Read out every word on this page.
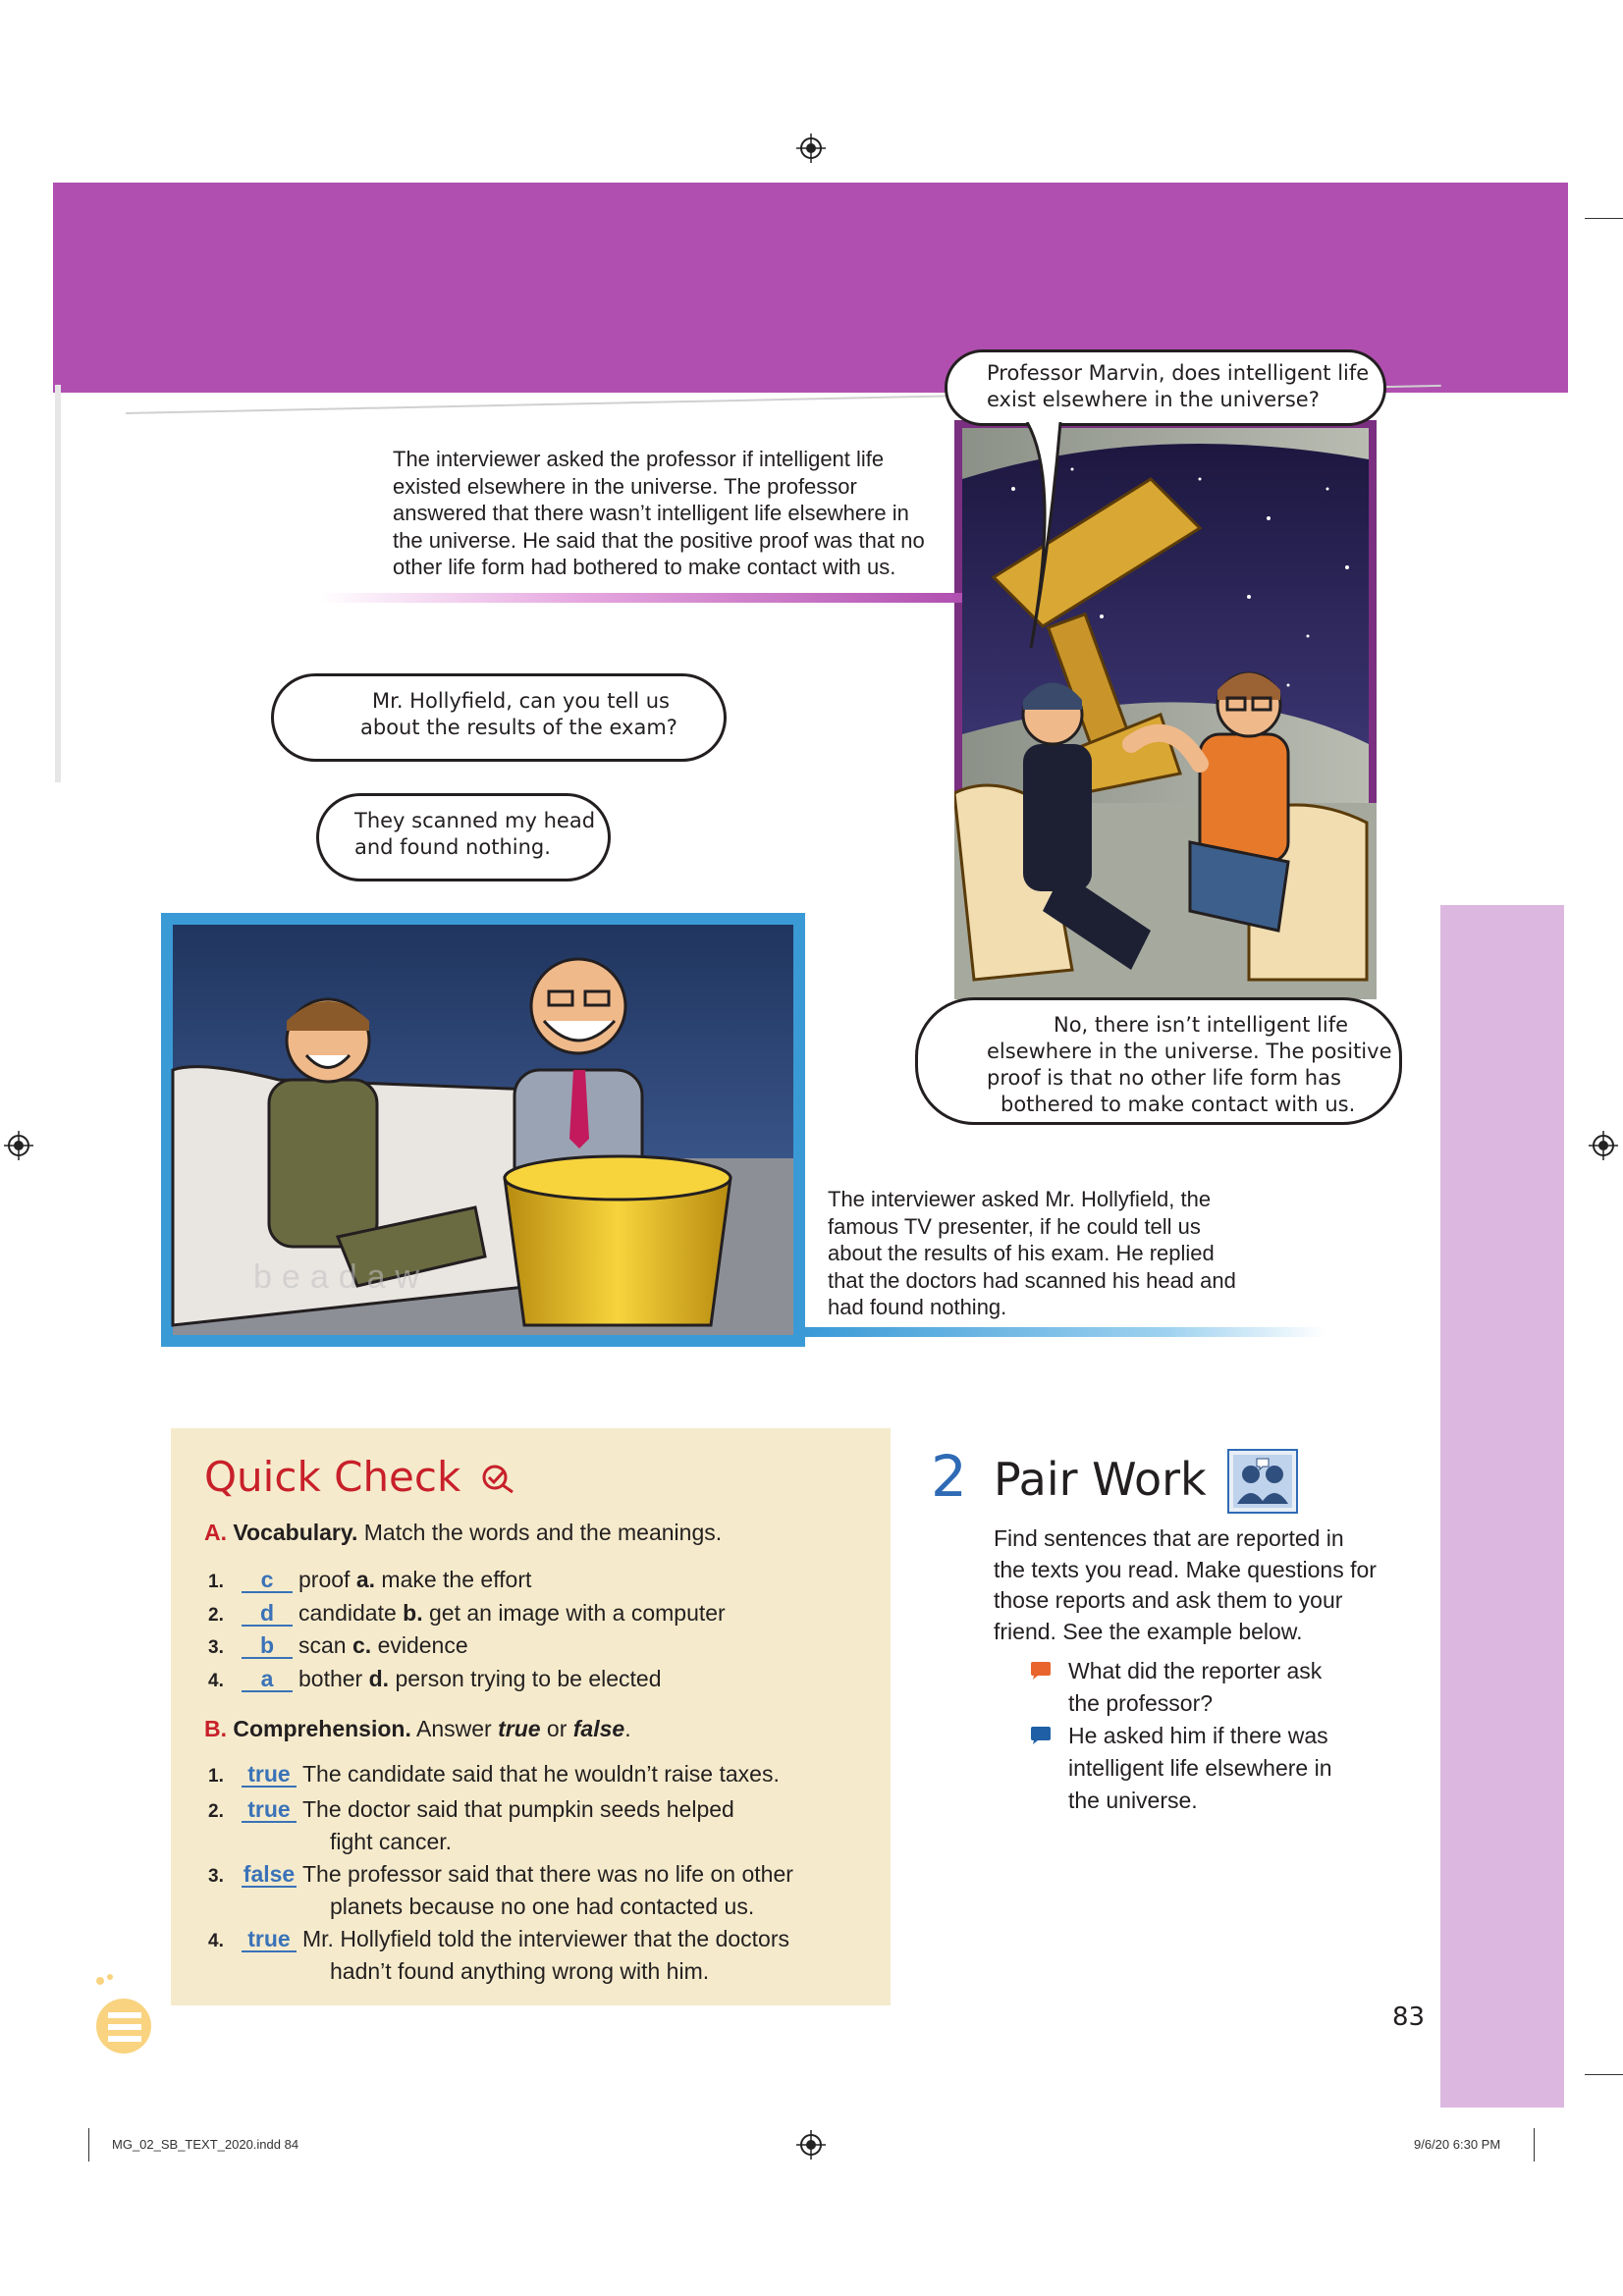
beadaw
Professor Marvin, does intelligent life
exist elsewhere in the universe?
No, there isn’t intelligent life
elsewhere in the universe. The positive
proof is that no other life form has
bothered to make contact with us.
Mr. Hollyfield, can you tell us
about the results of the exam?
They scanned my head
and found nothing.
The interviewer asked the professor if intelligent life
existed elsewhere in the universe. The professor
answered that there wasn’t intelligent life elsewhere in
the universe. He said that the positive proof was that no
other life form had bothered to make contact with us.
The interviewer asked Mr. Hollyfield, the
famous TV presenter, if he could tell us
about the results of his exam. He replied
that the doctors had scanned his head and
had found nothing.
Quick Check
A. Vocabulary. Match the words and the meanings.
1. c proof a. make the effort
2. d candidate b. get an image with a computer
3. b scan c. evidence
4. a bother d. person trying to be elected
B. Comprehension. Answer true or false.
1. true The candidate said that he wouldn’t raise taxes.
2. true The doctor said that pumpkin seeds helped
fight cancer.
3. false The professor said that there was no life on other
planets because no one had contacted us.
4. true Mr. Hollyfield told the interviewer that the doctors
hadn’t found anything wrong with him.
2 Pair Work
Find sentences that are reported in
the texts you read. Make questions for
those reports and ask them to your
friend. See the example below.
What did the reporter ask
the professor?
He asked him if there was
intelligent life elsewhere in
the universe.
83
MG_02_SB_TEXT_2020.indd 84	9/6/20 6:30 PM
